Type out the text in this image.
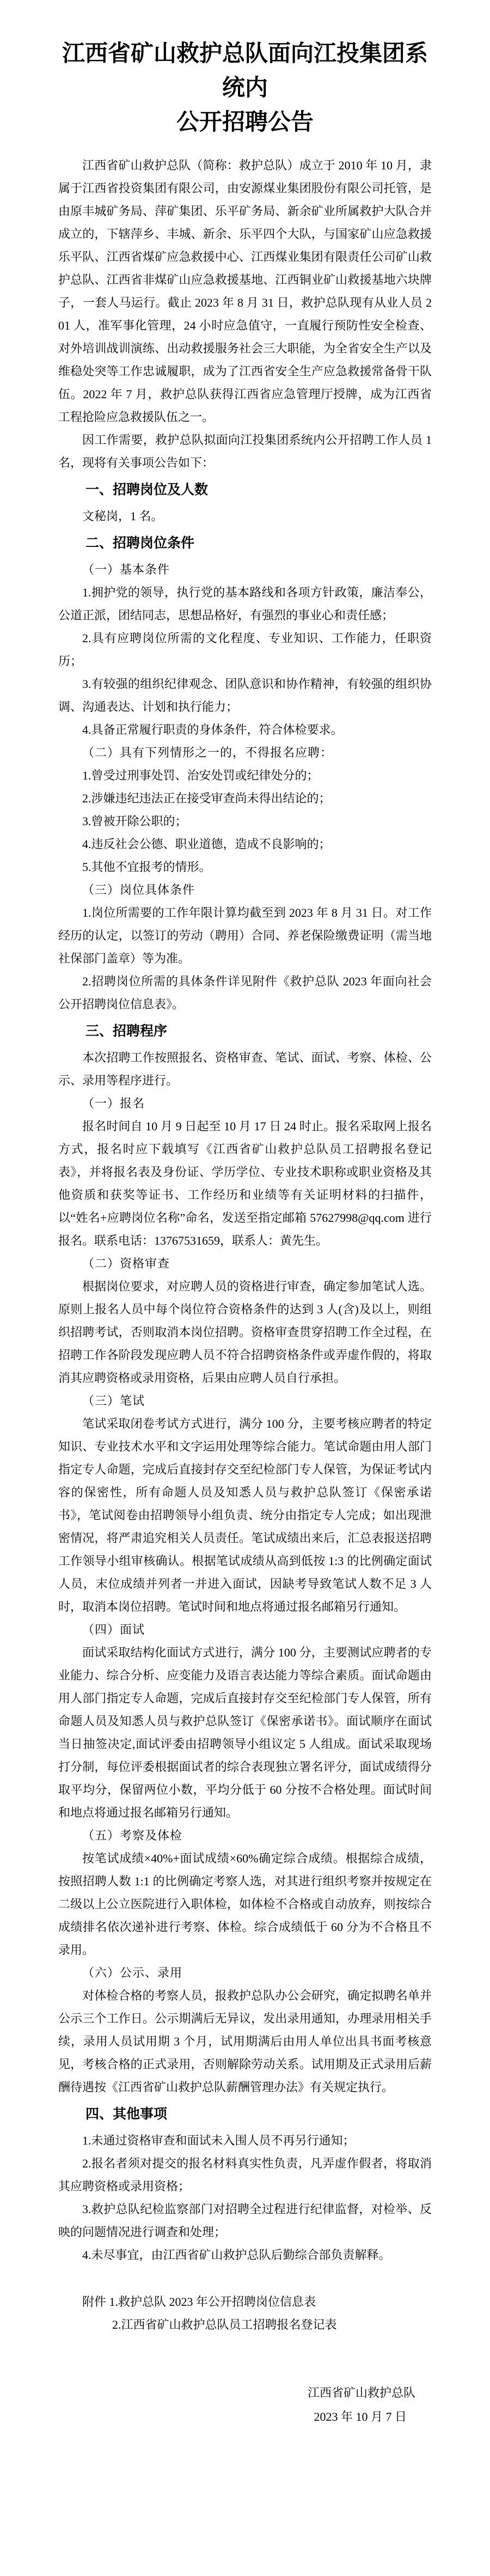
江西省矿山救护总队面向江投集团系统内
公开招聘公告

江西省矿山救护总队（简称：救护总队）成立于 2010 年 10 月，隶属于江西省投资集团有限公司，由安源煤业集团股份有限公司托管，是由原丰城矿务局、萍矿集团、乐平矿务局、新余矿业所属救护大队合并成立的，下辖萍乡、丰城、新余、乐平四个大队，与国家矿山应急救援乐平队、江西省煤矿应急救援中心、江西煤业集团有限责任公司矿山救护总队、江西省非煤矿山应急救援基地、江西铜业矿山救援基地六块牌子，一套人马运行。截止 2023 年 8 月 31 日，救护总队现有从业人员 201 人，准军事化管理，24 小时应急值守，一直履行预防性安全检查、对外培训战训演练、出动救援服务社会三大职能，为全省安全生产以及维稳处突等工作忠诚履职，成为了江西省安全生产应急救援常备骨干队伍。2022 年 7 月，救护总队获得江西省应急管理厅授牌，成为江西省工程抢险应急救援队伍之一。

因工作需要，救护总队拟面向江投集团系统内公开招聘工作人员 1 名，现将有关事项公告如下：

一、招聘岗位及人数

文秘岗，1 名。

二、招聘岗位条件

（一）基本条件

1.拥护党的领导，执行党的基本路线和各项方针政策，廉洁奉公，公道正派，团结同志，思想品格好，有强烈的事业心和责任感；

2.具有应聘岗位所需的文化程度、专业知识、工作能力，任职资历；

3.有较强的组织纪律观念、团队意识和协作精神，有较强的组织协调、沟通表达、计划和执行能力；

4.具备正常履行职责的身体条件，符合体检要求。

（二）具有下列情形之一的，不得报名应聘：

1.曾受过刑事处罚、治安处罚或纪律处分的；

2.涉嫌违纪违法正在接受审查尚未得出结论的；

3.曾被开除公职的；

4.违反社会公德、职业道德，造成不良影响的；

5.其他不宜报考的情形。

（三）岗位具体条件

1.岗位所需要的工作年限计算均截至到 2023 年 8 月 31 日。对工作经历的认定，以签订的劳动（聘用）合同、养老保险缴费证明（需当地社保部门盖章）等为准。

2.招聘岗位所需的具体条件详见附件《救护总队 2023 年面向社会公开招聘岗位信息表》。

三、招聘程序

本次招聘工作按照报名、资格审查、笔试、面试、考察、体检、公示、录用等程序进行。

（一）报名

报名时间自 10 月 9 日起至 10 月 17 日 24 时止。报名采取网上报名方式，报名时应下载填写《江西省矿山救护总队员工招聘报名登记表》，并将报名表及身份证、学历学位、专业技术职称或职业资格及其他资质和获奖等证书、工作经历和业绩等有关证明材料的扫描件，以“姓名+应聘岗位名称”命名，发送至指定邮箱 57627998@qq.com 进行报名。联系电话：13767531659，联系人：黄先生。

（二）资格审查

根据岗位要求，对应聘人员的资格进行审查，确定参加笔试人选。原则上报名人员中每个岗位符合资格条件的达到 3 人(含)及以上，则组织招聘考试，否则取消本岗位招聘。资格审查贯穿招聘工作全过程，在招聘工作各阶段发现应聘人员不符合招聘资格条件或弄虚作假的，将取消其应聘资格或录用资格，后果由应聘人员自行承担。

（三）笔试

笔试采取闭卷考试方式进行，满分 100 分，主要考核应聘者的特定知识、专业技术水平和文字运用处理等综合能力。笔试命题由用人部门指定专人命题，完成后直接封存交至纪检部门专人保管，为保证考试内容的保密性，所有命题人员及知悉人员与救护总队签订《保密承诺书》，笔试阅卷由招聘领导小组负责、统分由指定专人完成；如出现泄密情况，将严肃追究相关人员责任。笔试成绩出来后，汇总表报送招聘工作领导小组审核确认。根据笔试成绩从高到低按 1:3 的比例确定面试人员，末位成绩并列者一并进入面试，因缺考导致笔试人数不足 3 人时，取消本岗位招聘。笔试时间和地点将通过报名邮箱另行通知。

（四）面试

面试采取结构化面试方式进行，满分 100 分，主要测试应聘者的专业能力、综合分析、应变能力及语言表达能力等综合素质。面试命题由用人部门指定专人命题，完成后直接封存交至纪检部门专人保管，所有命题人员及知悉人员与救护总队签订《保密承诺书》。面试顺序在面试当日抽签决定,面试评委由招聘领导小组议定 5 人组成。面试采取现场打分制，每位评委根据面试者的综合表现独立署名评分，面试成绩得分取平均分，保留两位小数，平均分低于 60 分按不合格处理。面试时间和地点将通过报名邮箱另行通知。

（五）考察及体检

按笔试成绩×40%+面试成绩×60%确定综合成绩。根据综合成绩，按照招聘人数 1:1 的比例确定考察人选，对其进行组织考察并按规定在二级以上公立医院进行入职体检，如体检不合格或自动放弃，则按综合成绩排名依次递补进行考察、体检。综合成绩低于 60 分为不合格且不录用。

（六）公示、录用

对体检合格的考察人员，报救护总队办公会研究，确定拟聘名单并公示三个工作日。公示期满后无异议，发出录用通知，办理录用相关手续，录用人员试用期 3 个月，试用期满后由用人单位出具书面考核意见，考核合格的正式录用，否则解除劳动关系。试用期及正式录用后薪酬待遇按《江西省矿山救护总队薪酬管理办法》有关规定执行。

四、其他事项

1.未通过资格审查和面试未入围人员不再另行通知；

2.报名者须对提交的报名材料真实性负责，凡弄虚作假者，将取消其应聘资格或录用资格；

3.救护总队纪检监察部门对招聘全过程进行纪律监督，对检举、反映的问题情况进行调查和处理；

4.未尽事宜，由江西省矿山救护总队后勤综合部负责解释。

附件 1.救护总队 2023 年公开招聘岗位信息表

2.江西省矿山救护总队员工招聘报名登记表

江西省矿山救护总队

2023 年 10 月 7 日
